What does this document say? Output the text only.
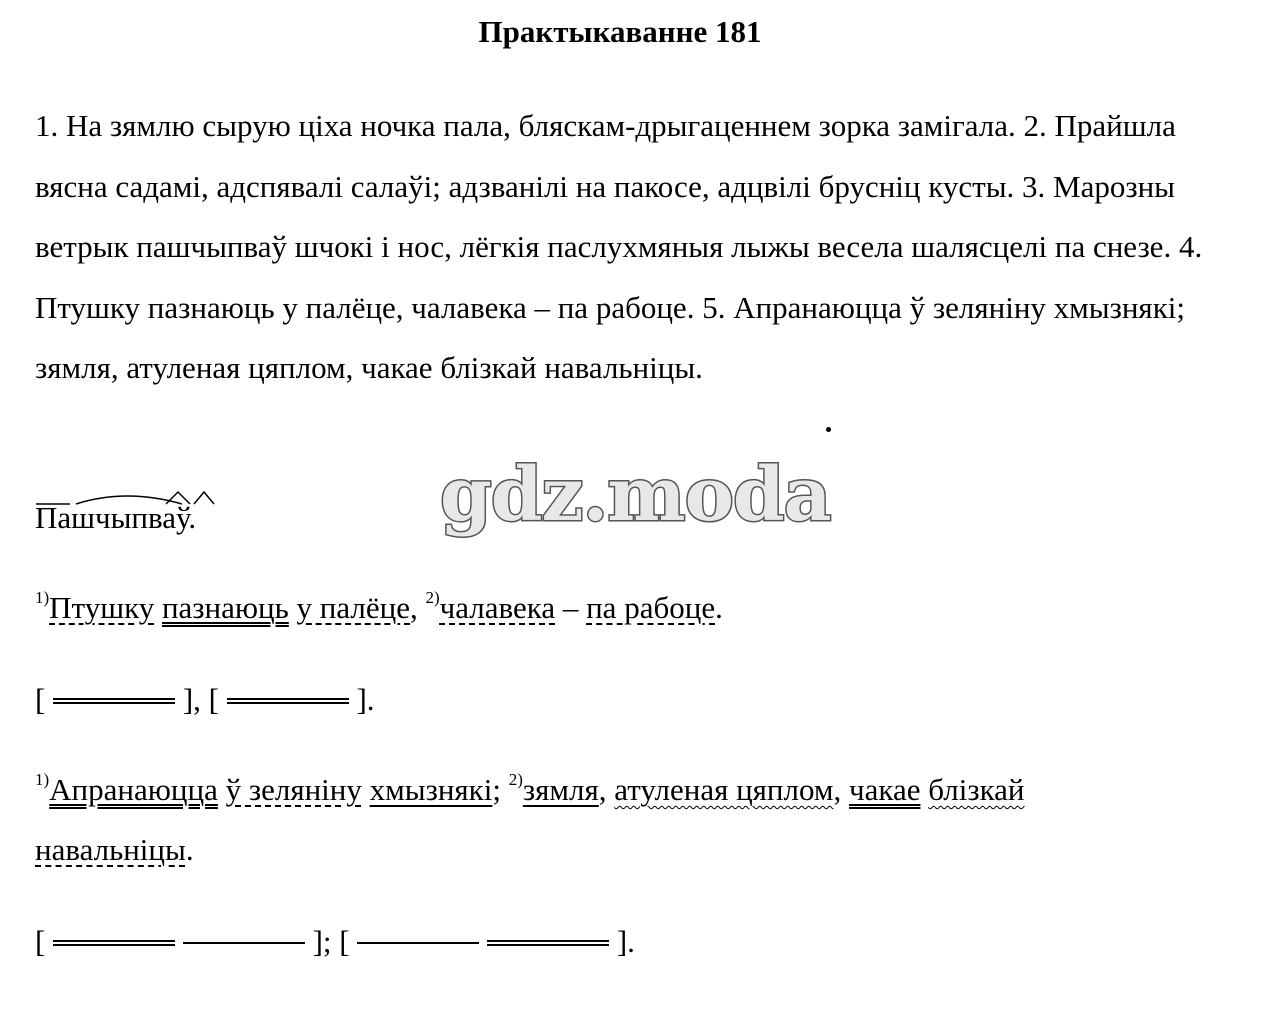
Практыкаванне 181
1. На зямлю сырую ціха ночка пала, бляскам-дрыгаценнем зорка замігала. 2. Прайшла вясна садамі, адспявалі салаўі; адзванілі на пакосе, адцвілі брусніц кусты. 3. Марозны ветрык пашчыпваў шчокі і нос, лёгкія паслухмяныя лыжы весела шалясцелі па снезе. 4. Птушку пазнаюць у палёце, чалавека – па рабоце. 5. Апранаюцца ў зеляніну хмызнякі; зямля, атуленая цяплом, чакае блізкай навальніцы.
gdz.moda
Пашчыпваў.
$^{1)}$Птушку пазнаюць у палёце, $^{2)}$чалавека – па рабоце.
[	], [	].
$^{1)}$Апранаюцца ў зеляніну хмызнякі; $^{2)}$зямля, атуленая цяплом, чакае блізкай
навальніцы.
[	]; [	].
